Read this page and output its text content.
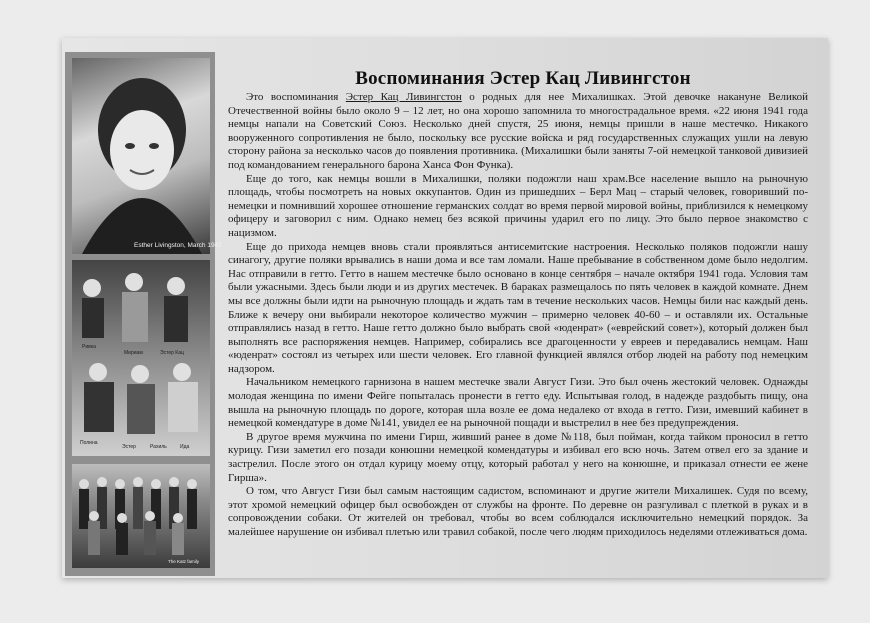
Esther Livingston, March 1947
Ривка
Мириам	Эстер Кац
Полина
Эстер	Рахиль	Ида
The Katz family
Воспоминания Эстер Кац Ливингстон

Это воспоминания Эстер Кац Ливингстон о родных для нее Михалишках. Этой девочке накануне Великой Отечественной войны было около 9 – 12 лет, но она хорошо запомнила то многострадальное время. «22 июня 1941 года немцы напали на Советский Союз. Несколько дней спустя, 25 июня, немцы пришли в наше местечко. Никакого вооруженного сопротивления не было, поскольку все русские войска и ряд государственных служащих ушли на левую сторону района за несколько часов до появления противника. (Михалишки были заняты 7-ой немецкой танковой дивизией под командованием генерального барона Ханса Фон Функа).

Еще до того, как немцы вошли в Михалишки, поляки подожгли наш храм.Все население вышло на рыночную площадь, чтобы посмотреть на новых оккупантов. Один из пришедших – Берл Мац – старый человек, говоривший по-немецки и помнивший хорошее отношение германских солдат во время первой мировой войны, приблизился к немецкому офицеру и заговорил с ним. Однако немец без всякой причины ударил его по лицу. Это было первое знакомство с нацизмом.

Еще до прихода немцев вновь стали проявляться антисемитские настроения. Несколько поляков подожгли нашу синагогу, другие поляки врывались в наши дома и все там ломали. Наше пребывание в собственном доме было недолгим. Нас отправили в гетто. Гетто в нашем местечке было основано в конце сентября – начале октября 1941 года. Условия там были ужасными. Здесь были люди и из других местечек. В бараках размещалось по пять человек в каждой комнате. Днем мы все должны были идти на рыночную площадь и ждать там в течение нескольких часов. Немцы били нас каждый день. Ближе к вечеру они выбирали некоторое количество мужчин – примерно человек 40-60 – и оставляли их. Остальные отправлялись назад в гетто. Наше гетто должно было выбрать свой «юденрат» («еврейский совет»), который должен был выполнять все распоряжения немцев. Например, собирались все драгоценности у евреев и передавались немцам. Наш «юденрат» состоял из четырех или шести человек. Его главной функцией являлся отбор людей на работу под немецким надзором.

Начальником немецкого гарнизона в нашем местечке звали Август Гизи. Это был очень жестокий человек. Однажды молодая женщина по имени Фейге попыталась пронести в гетто еду. Испытывая голод, в надежде раздобыть пищу, она вышла на рыночную площадь по дороге, которая шла возле ее дома недалеко от входа в гетто. Гизи, имевший кабинет в немецкой комендатуре в доме №141, увидел ее на рыночной пощади и выстрелил в нее без предупреждения.

В другое время мужчина по имени Гирш, живший ранее в доме №118, был пойман, когда тайком проносил в гетто курицу. Гизи заметил его позади конюшни немецкой комендатуры и избивал его всю ночь. Затем отвел его за здание и застрелил. После этого он отдал курицу моему отцу, который работал у него на конюшне, и приказал отнести ее жене Гирша».

О том, что Август Гизи был самым настоящим садистом, вспоминают и другие жители Михалишек. Судя по всему, этот хромой немецкий офицер был освобожден от службы на фронте. По деревне он разгуливал с плеткой в руках и в сопровождении собаки. От жителей он требовал, чтобы во всем соблюдался исключительно немецкий порядок. За малейшее нарушение он избивал плетью или травил собакой, после чего людям приходилось неделями отлеживаться дома.
